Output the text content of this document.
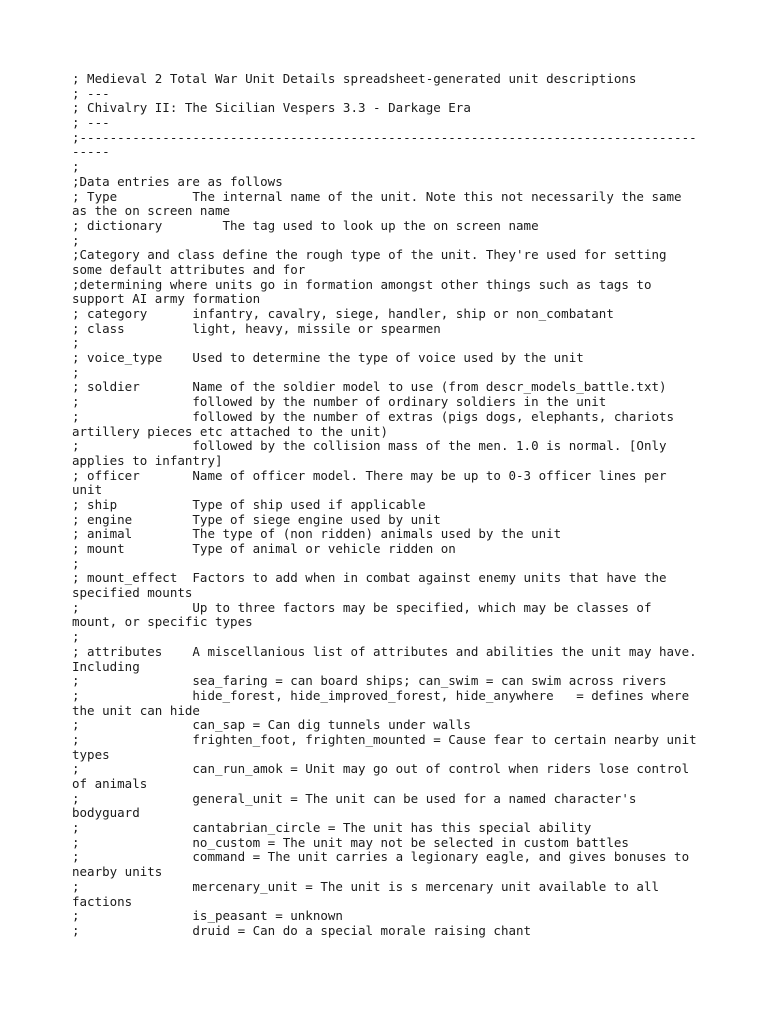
; Medieval 2 Total War Unit Details spreadsheet-generated unit descriptions
; ---
; Chivalry II: The Sicilian Vespers 3.3 - Darkage Era
; ---
;----------------------------------------------------------------------------------
-----
;
;Data entries are as follows
; Type          The internal name of the unit. Note this not necessarily the same
as the on screen name
; dictionary        The tag used to look up the on screen name
;
;Category and class define the rough type of the unit. They're used for setting
some default attributes and for
;determining where units go in formation amongst other things such as tags to
support AI army formation
; category      infantry, cavalry, siege, handler, ship or non_combatant
; class         light, heavy, missile or spearmen
;
; voice_type    Used to determine the type of voice used by the unit
;
; soldier       Name of the soldier model to use (from descr_models_battle.txt)
;               followed by the number of ordinary soldiers in the unit
;               followed by the number of extras (pigs dogs, elephants, chariots
artillery pieces etc attached to the unit)
;               followed by the collision mass of the men. 1.0 is normal. [Only
applies to infantry]
; officer       Name of officer model. There may be up to 0-3 officer lines per
unit
; ship          Type of ship used if applicable
; engine        Type of siege engine used by unit
; animal        The type of (non ridden) animals used by the unit
; mount         Type of animal or vehicle ridden on
;
; mount_effect  Factors to add when in combat against enemy units that have the
specified mounts
;               Up to three factors may be specified, which may be classes of
mount, or specific types
;
; attributes    A miscellanious list of attributes and abilities the unit may have.
Including
;               sea_faring = can board ships; can_swim = can swim across rivers
;               hide_forest, hide_improved_forest, hide_anywhere   = defines where
the unit can hide
;               can_sap = Can dig tunnels under walls
;               frighten_foot, frighten_mounted = Cause fear to certain nearby unit
types
;               can_run_amok = Unit may go out of control when riders lose control
of animals
;               general_unit = The unit can be used for a named character's
bodyguard
;               cantabrian_circle = The unit has this special ability
;               no_custom = The unit may not be selected in custom battles
;               command = The unit carries a legionary eagle, and gives bonuses to
nearby units
;               mercenary_unit = The unit is s mercenary unit available to all
factions
;               is_peasant = unknown
;               druid = Can do a special morale raising chant
